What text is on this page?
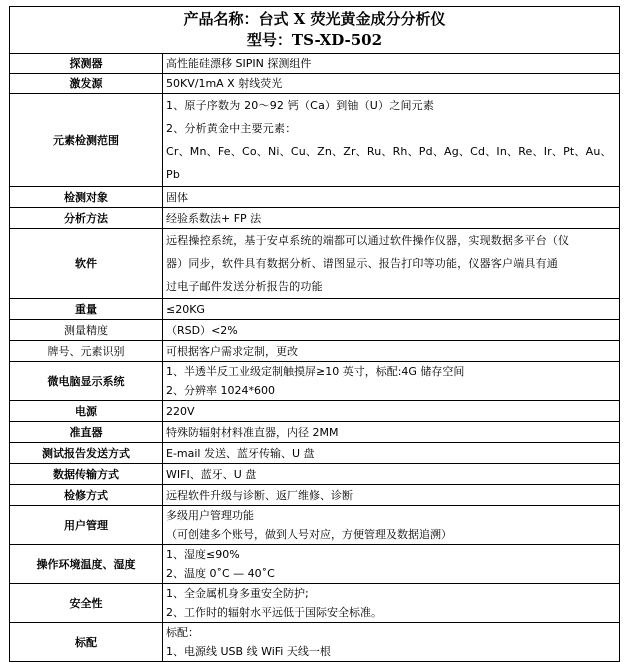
产品名称：台式 X 荧光黄金成分分析仪
型号：TS-XD-502	

探测器	高性能硅漂移 SIPIN 探测组件

激发源	50KV/1mA X 射线荧光

元素检测范围	1、原子序数为 20～92 钙（Ca）到铀（U）之间元素
2、分析黄金中主要元素：
Cr、Mn、Fe、Co、Ni、Cu、Zn、Zr、Ru、Rh、Pd、Ag、Cd、In、Re、Ir、Pt、Au、
Pb

检测对象	固体

分析方法	经验系数法+ FP 法

软件	远程操控系统，基于安卓系统的端都可以通过软件操作仪器，实现数据多平台（仪
器）同步，软件具有数据分析、谱图显示、报告打印等功能，仪器客户端具有通
过电子邮件发送分析报告的功能

重量	≤20KG

测量精度	（RSD）<2%

牌号、元素识别	可根据客户需求定制，更改

微电脑显示系统	1、半透半反工业级定制触摸屏≥10 英寸，标配:4G 储存空间
2、分辨率 1024*600

电源	220V

准直器	特殊防辐射材料准直器，内径 2MM

测试报告发送方式	E-mail 发送、蓝牙传输、U 盘

数据传输方式	WIFI、蓝牙、U 盘

检修方式	远程软件升级与诊断、返厂维修、诊断

用户管理	多级用户管理功能
（可创建多个账号，做到人号对应，方便管理及数据追溯）

操作环境温度、湿度	1、湿度≤90%
2、温度 0˚C — 40˚C

安全性	1、全金属机身多重安全防护;
2、工作时的辐射水平远低于国际安全标准。

标配	标配：
1、电源线 USB 线 WiFi 天线一根
